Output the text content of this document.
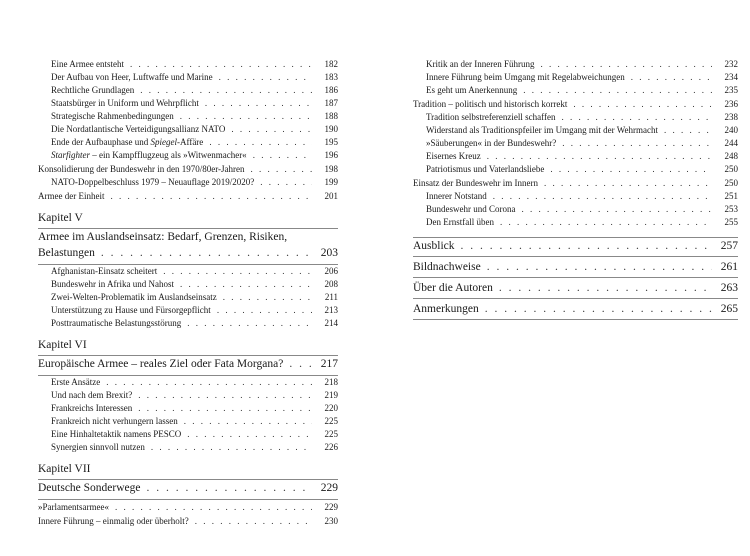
Eine Armee entsteht . . .	182
Der Aufbau von Heer, Luftwaffe und Marine . . .	183
Rechtliche Grundlagen . . .	186
Staatsbürger in Uniform und Wehrpflicht . . .	187
Strategische Rahmenbedingungen . . .	188
Die Nordatlantische Verteidigungsallianz NATO . . .	190
Ende der Aufbauphase und Spiegel-Affäre . . .	195
Starfighter – ein Kampfflugzeug als »Witwenmacher« . . .	196
Konsolidierung der Bundeswehr in den 1970/80er-Jahren . . .	198
NATO-Doppelbeschluss 1979 – Neuauflage 2019/2020? . . .	199
Armee der Einheit . . .	201
Kapitel V
Armee im Auslandseinsatz: Bedarf, Grenzen, Risiken,
Belastungen . . .	203
Afghanistan-Einsatz scheitert . . .	206
Bundeswehr in Afrika und Nahost . . .	208
Zwei-Welten-Problematik im Auslandseinsatz . . .	211
Unterstützung zu Hause und Fürsorgepflicht . . .	213
Posttraumatische Belastungsstörung . . .	214
Kapitel VI
Europäische Armee – reales Ziel oder Fata Morgana? . . .	217
Erste Ansätze . . .	218
Und nach dem Brexit? . . .	219
Frankreichs Interessen . . .	220
Frankreich nicht verhungern lassen . . .	225
Eine Hinhaltetaktik namens PESCO . . .	225
Synergien sinnvoll nutzen . . .	226
Kapitel VII
Deutsche Sonderwege . . .	229
»Parlamentsarmee« . . .	229
Innere Führung – einmalig oder überholt? . . .	230
Kritik an der Inneren Führung . . .	232
Innere Führung beim Umgang mit Regelabweichungen . . .	234
Es geht um Anerkennung . . .	235
Tradition – politisch und historisch korrekt . . .	236
Tradition selbstreferenziell schaffen . . .	238
Widerstand als Traditionspfeiler im Umgang mit der Wehrmacht . . .	240
»Säuberungen« in der Bundeswehr? . . .	244
Eisernes Kreuz . . .	248
Patriotismus und Vaterlandsliebe . . .	250
Einsatz der Bundeswehr im Innern . . .	250
Innerer Notstand . . .	251
Bundeswehr und Corona . . .	253
Den Ernstfall üben . . .	255
Ausblick . . .	257
Bildnachweise . . .	261
Über die Autoren . . .	263
Anmerkungen . . .	265
